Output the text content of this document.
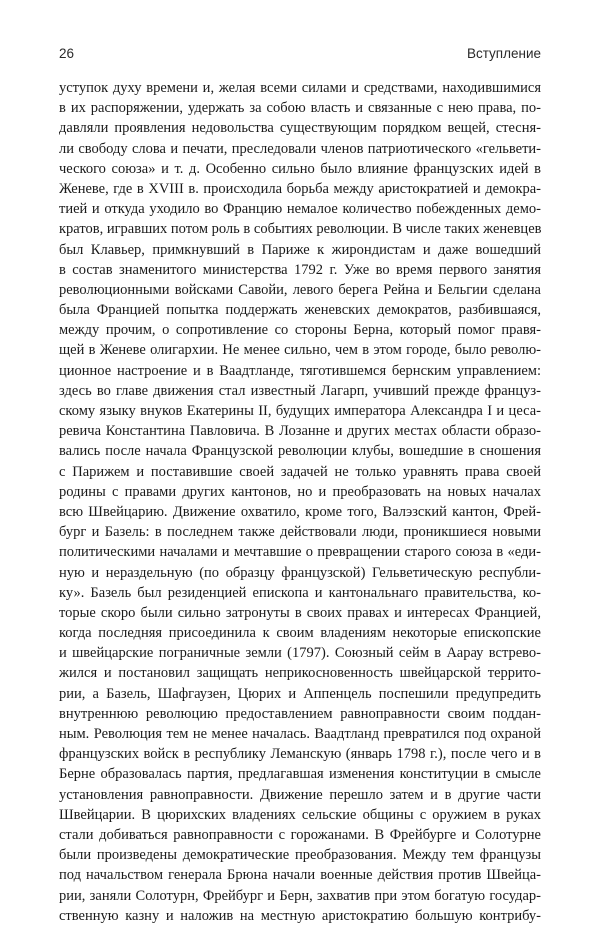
26	Вступление
уступок духу времени и, желая всеми силами и средствами, находившимися
в их распоряжении, удержать за собою власть и связанные с нею права, по-
давляли проявления недовольства существующим порядком вещей, стесня-
ли свободу слова и печати, преследовали членов патриотического «гельвети-
ческого союза» и т. д. Особенно сильно было влияние французских идей в
Женеве, где в XVIII в. происходила борьба между аристократией и демокра-
тией и откуда уходило во Францию немалое количество побежденных демо-
кратов, игравших потом роль в событиях революции. В числе таких женевцев
был Клавьер, примкнувший в Париже к жирондистам и даже вошедший
в состав знаменитого министерства 1792 г. Уже во время первого занятия
революционными войсками Савойи, левого берега Рейна и Бельгии сделана
была Францией попытка поддержать женевских демократов, разбившаяся,
между прочим, о сопротивление со стороны Берна, который помог правя-
щей в Женеве олигархии. Не менее сильно, чем в этом городе, было револю-
ционное настроение и в Ваадтланде, тяготившемся бернским управлением:
здесь во главе движения стал известный Лагарп, учивший прежде француз-
скому языку внуков Екатерины II, будущих императора Александра I и цеса-
ревича Константина Павловича. В Лозанне и других местах области образо-
вались после начала Французской революции клубы, вошедшие в сношения
с Парижем и поставившие своей задачей не только уравнять права своей
родины с правами других кантонов, но и преобразовать на новых началах
всю Швейцарию. Движение охватило, кроме того, Валэзский кантон, Фрей-
бург и Базель: в последнем также действовали люди, проникшиеся новыми
политическими началами и мечтавшие о превращении старого союза в «еди-
ную и нераздельную (по образцу французской) Гельветическую республи-
ку». Базель был резиденцией епископа и кантональнаго правительства, ко-
торые скоро были сильно затронуты в своих правах и интересах Францией,
когда последняя присоединила к своим владениям некоторые епископские
и швейцарские пограничные земли (1797). Союзный сейм в Аарау встрево-
жился и постановил защищать неприкосновенность швейцарской террито-
рии, а Базель, Шафгаузен, Цюрих и Аппенцель поспешили предупредить
внутреннюю революцию предоставлением равноправности своим поддан-
ным. Революция тем не менее началась. Ваадтланд превратился под охраной
французских войск в республику Леманскую (январь 1798 г.), после чего и в
Берне образовалась партия, предлагавшая изменения конституции в смысле
установления равноправности. Движение перешло затем и в другие части
Швейцарии. В цюрихских владениях сельские общины с оружием в руках
стали добиваться равноправности с горожанами. В Фрейбурге и Солотурне
были произведены демократические преобразования. Между тем французы
под начальством генерала Брюна начали военные действия против Швейца-
рии, заняли Солотурн, Фрейбург и Берн, захватив при этом богатую государ-
ственную казну и наложив на местную аристократию большую контрибу-
